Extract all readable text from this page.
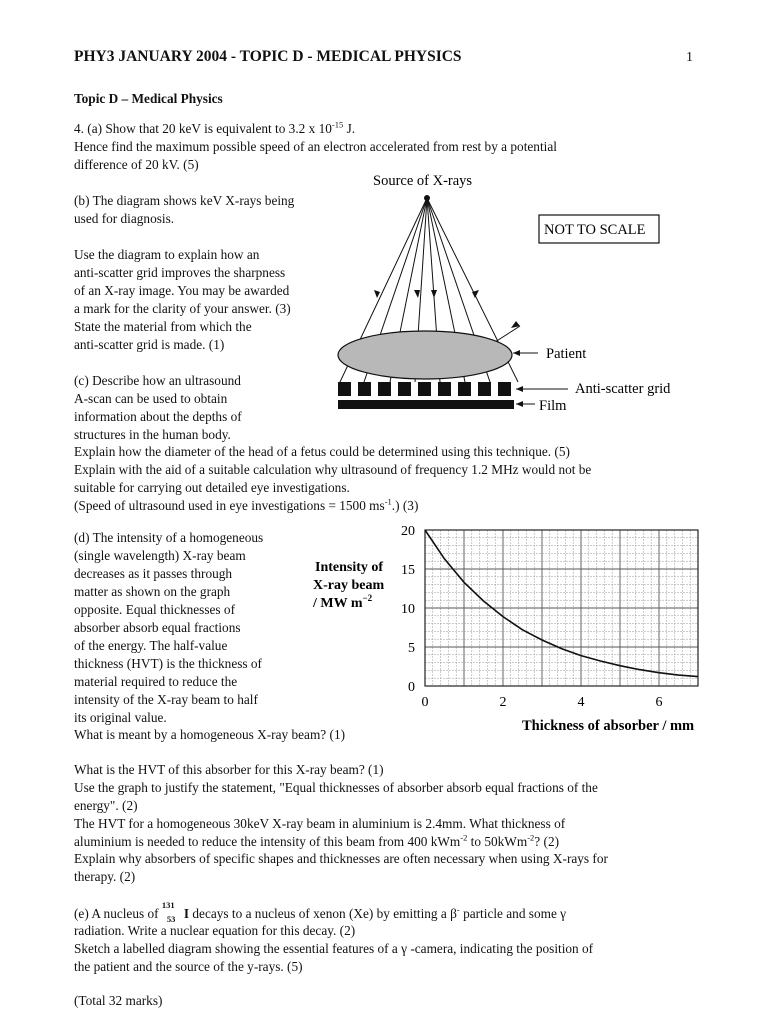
PHY3 JANUARY 2004 - TOPIC D - MEDICAL PHYSICS	1
Topic D – Medical Physics
4. (a) Show that 20 keV is equivalent to 3.2 x $10^{-15}$ J.
Hence find the maximum possible speed of an electron accelerated from rest by a potential
difference of 20 kV. (5)
(b) The diagram shows keV X-rays being
used for diagnosis.
Use the diagram to explain how an
anti-scatter grid improves the sharpness
of an X-ray image. You may be awarded
a mark for the clarity of your answer. (3)
State the material from which the
anti-scatter grid is made. (1)
Source of X-rays
NOT TO SCALE
Patient
Anti-scatter grid
Film
(c) Describe how an ultrasound
A-scan can be used to obtain
information about the depths of
structures in the human body.
Explain how the diameter of the head of a fetus could be determined using this technique. (5)
Explain with the aid of a suitable calculation why ultrasound of frequency 1.2 MHz would not be
suitable for carrying out detailed eye investigations.
(Speed of ultrasound used in eye investigations = 1500 $ms^{-1}$.) (3)
(d) The intensity of a homogeneous
(single wavelength) X-ray beam
decreases as it passes through
matter as shown on the graph
opposite. Equal thicknesses of
absorber absorb equal fractions
of the energy. The half-value
thickness (HVT) is the thickness of
material required to reduce the
intensity of the X-ray beam to half
its original value.
What is meant by a homogeneous X-ray beam? (1)
Intensity of
X-ray beam
/ MW $m^{-2}$
0
5
10
15
20
0	2	4	6
Thickness of absorber / mm
What is the HVT of this absorber for this X-ray beam? (1)
Use the graph to justify the statement, "Equal thicknesses of absorber absorb equal fractions of the
energy". (2)
The HVT for a homogeneous 30keV X-ray beam in aluminium is 2.4mm. What thickness of
aluminium is needed to reduce the intensity of this beam from 400 kWm$^{-2}$ to 50kWm$^{-2}$? (2)
Explain why absorbers of specific shapes and thicknesses are often necessary when using X-rays for
therapy. (2)
(e) A nucleus of
131
53 I decays to a nucleus of xenon (Xe) by emitting a β- particle and some γ
radiation. Write a nuclear equation for this decay. (2)
Sketch a labelled diagram showing the essential features of a γ -camera, indicating the position of
the patient and the source of the y-rays. (5)
(Total 32 marks)
